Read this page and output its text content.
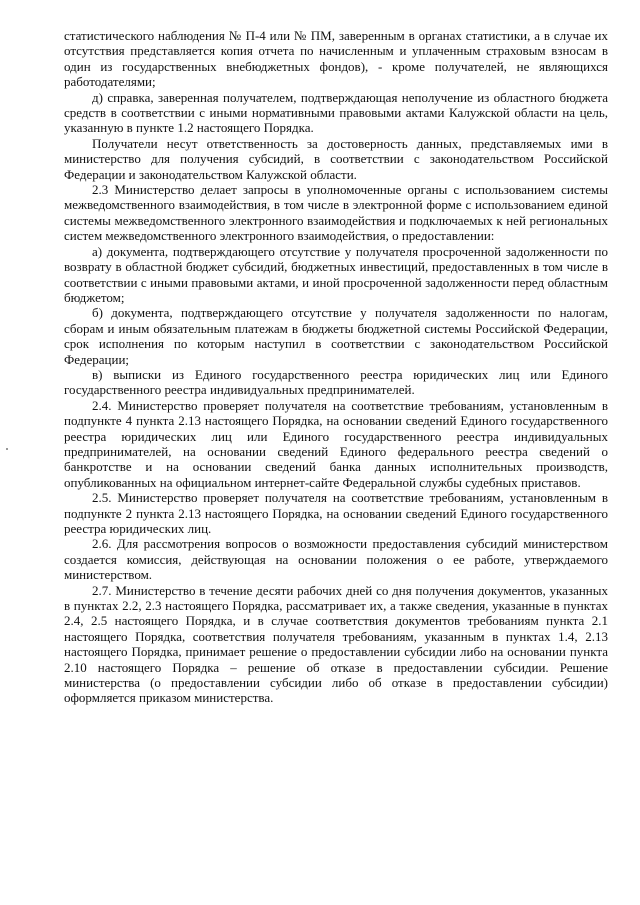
статистического наблюдения № П-4 или № ПМ, заверенным в органах статистики, а в случае их отсутствия представляется копия отчета по начисленным и уплаченным страховым взносам в один из государственных внебюджетных фондов), - кроме получателей, не являющихся работодателями;

д) справка, заверенная получателем, подтверждающая неполучение из областного бюджета средств в соответствии с иными нормативными правовыми актами Калужской области на цель, указанную в пункте 1.2 настоящего Порядка.

Получатели несут ответственность за достоверность данных, представляемых ими в министерство для получения субсидий, в соответствии с законодательством Российской Федерации и законодательством Калужской области.

2.3 Министерство делает запросы в уполномоченные органы с использованием системы межведомственного взаимодействия, в том числе в электронной форме с использованием единой системы межведомственного электронного взаимодействия и подключаемых к ней региональных систем межведомственного электронного взаимодействия, о предоставлении:

а) документа, подтверждающего отсутствие у получателя просроченной задолженности по возврату в областной бюджет субсидий, бюджетных инвестиций, предоставленных в том числе в соответствии с иными правовыми актами, и иной просроченной задолженности перед областным бюджетом;

б) документа, подтверждающего отсутствие у получателя задолженности по налогам, сборам и иным обязательным платежам в бюджеты бюджетной системы Российской Федерации, срок исполнения по которым наступил в соответствии с законодательством Российской Федерации;

в) выписки из Единого государственного реестра юридических лиц или Единого государственного реестра индивидуальных предпринимателей.

2.4. Министерство проверяет получателя на соответствие требованиям, установленным в подпункте 4 пункта 2.13 настоящего Порядка, на основании сведений Единого государственного реестра юридических лиц или Единого государственного реестра индивидуальных предпринимателей, на основании сведений Единого федерального реестра сведений о банкротстве и на основании сведений банка данных исполнительных производств, опубликованных на официальном интернет-сайте Федеральной службы судебных приставов.

2.5. Министерство проверяет получателя на соответствие требованиям, установленным в подпункте 2 пункта 2.13 настоящего Порядка, на основании сведений Единого государственного реестра юридических лиц.

2.6. Для рассмотрения вопросов о возможности предоставления субсидий министерством создается комиссия, действующая на основании положения о ее работе, утверждаемого министерством.

2.7. Министерство в течение десяти рабочих дней со дня получения документов, указанных в пунктах 2.2, 2.3 настоящего Порядка, рассматривает их, а также сведения, указанные в пунктах 2.4, 2.5 настоящего Порядка, и в случае соответствия документов требованиям пункта 2.1 настоящего Порядка, соответствия получателя требованиям, указанным в пунктах 1.4, 2.13 настоящего Порядка, принимает решение о предоставлении субсидии либо на основании пункта 2.10 настоящего Порядка – решение об отказе в предоставлении субсидии. Решение министерства (о предоставлении субсидии либо об отказе в предоставлении субсидии) оформляется приказом министерства.
